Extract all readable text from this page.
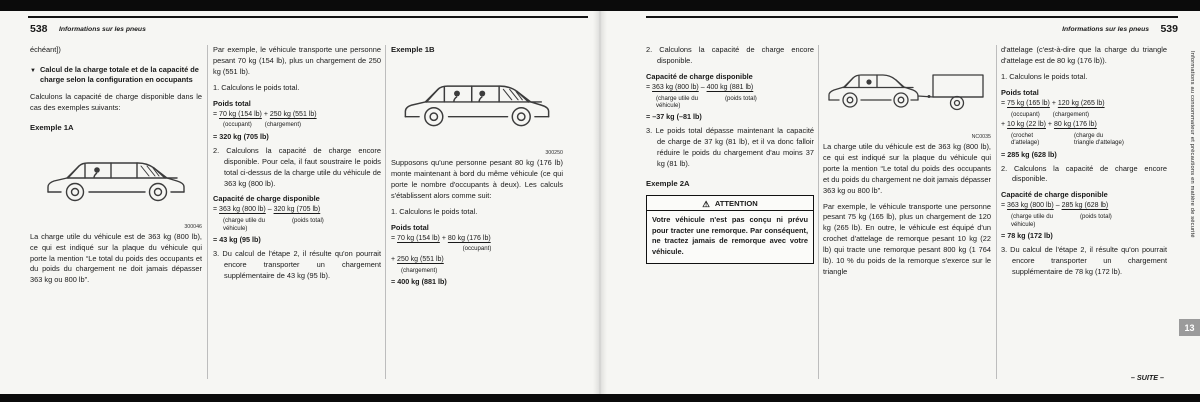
538 Informations sur les pneus	Informations sur les pneus 539
échéant])
▼ Calcul de la charge totale et de la capacité de charge selon la configuration en occupants
Calculons la capacité de charge disponible dans le cas des exemples suivants:
Exemple 1A
300046
La charge utile du véhicule est de 363 kg (800 lb), ce qui est indiqué sur la plaque du véhicule qui porte la mention “Le total du poids des occupants et du poids du chargement ne doit jamais dépasser 363 kg ou 800 lb”.
Par exemple, le véhicule transporte une personne pesant 70 kg (154 lb), plus un chargement de 250 kg (551 lb).
1. Calculons le poids total.
Poids total
= 70 kg (154 lb) + 250 kg (551 lb)
(occupant) (chargement)
= 320 kg (705 lb)
2. Calculons la capacité de charge encore disponible. Pour cela, il faut soustraire le poids total ci-dessus de la charge utile du véhicule de 363 kg (800 lb).
Capacité de charge disponible
= 363 kg (800 lb) – 320 kg (705 lb)
(charge utile du véhicule)
(poids total)
= 43 kg (95 lb)
3. Du calcul de l'étape 2, il résulte qu'on pourrait encore transporter un chargement supplémentaire de 43 kg (95 lb).
Exemple 1B
300250
Supposons qu'une personne pesant 80 kg (176 lb) monte maintenant à bord du même véhicule (ce qui porte le nombre d'occupants à deux). Les calculs s'établissent alors comme suit:
1. Calculons le poids total.
Poids total
= 70 kg (154 lb) + 80 kg (176 lb)
(occupant)
+ 250 kg (551 lb)
(chargement)
= 400 kg (881 lb)
2. Calculons la capacité de charge encore disponible.
Capacité de charge disponible
= 363 kg (800 lb) – 400 kg (881 lb)
(charge utile du véhicule)
(poids total)
= –37 kg (–81 lb)
3. Le poids total dépasse maintenant la capacité de charge de 37 kg (81 lb), et il va donc falloir réduire le poids du chargement d'au moins 37 kg (81 lb).
Exemple 2A
⚠ ATTENTION
Votre véhicule n'est pas conçu ni prévu pour tracter une remorque. Par conséquent, ne tractez jamais de remorque avec votre véhicule.
NC0035
La charge utile du véhicule est de 363 kg (800 lb), ce qui est indiqué sur la plaque du véhicule qui porte la mention “Le total du poids des occupants et du poids du chargement ne doit jamais dépasser 363 kg ou 800 lb”.
Par exemple, le véhicule transporte une personne pesant 75 kg (165 lb), plus un chargement de 120 kg (265 lb). En outre, le véhicule est équipé d'un crochet d'attelage de remorque pesant 10 kg (22 lb) qui tracte une remorque pesant 800 kg (1 764 lb). 10 % du poids de la remorque s'exerce sur le triangle
d'attelage (c'est-à-dire que la charge du triangle d'attelage est de 80 kg (176 lb)).
1. Calculons le poids total.
Poids total
= 75 kg (165 lb) + 120 kg (265 lb)
(occupant) (chargement)
+ 10 kg (22 lb) + 80 kg (176 lb)
(crochet d'attelage)
(charge du triangle d'attelage)
= 285 kg (628 lb)
2. Calculons la capacité de charge encore disponible.
Capacité de charge disponible
= 363 kg (800 lb) – 285 kg (628 lb)
(charge utile du véhicule)
(poids total)
= 78 kg (172 lb)
3. Du calcul de l'étape 2, il résulte qu'on pourrait encore transporter un chargement supplémentaire de 78 kg (172 lb).
Informations au consommateur et précautions en matière de sécurité
13
– SUITE –
